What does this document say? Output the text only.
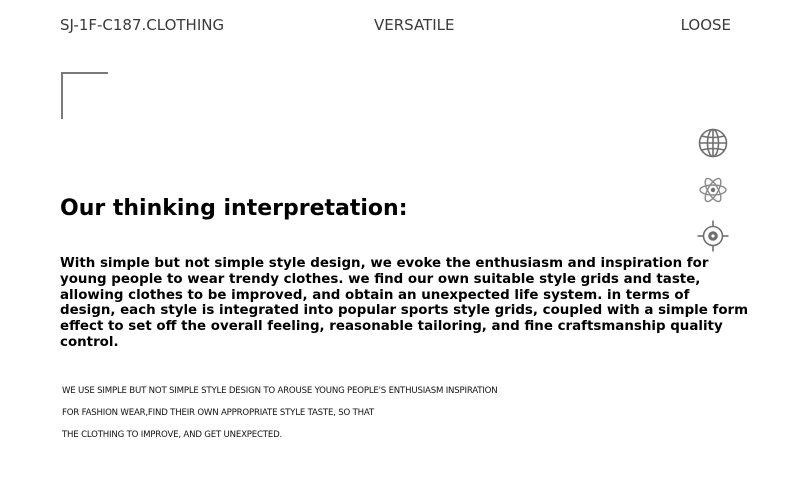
SJ-1F-C187.CLOTHING	VERSATILE	LOOSE
Our thinking interpretation:
With simple but not simple style design, we evoke the enthusiasm and inspiration for
young people to wear trendy clothes. we find our own suitable style grids and taste,
allowing clothes to be improved, and obtain an unexpected life system. in terms of
design, each style is integrated into popular sports style grids, coupled with a simple form
effect to set off the overall feeling, reasonable tailoring, and fine craftsmanship quality
control.
WE USE SIMPLE BUT NOT SIMPLE STYLE DESIGN TO AROUSE YOUNG PEOPLE'S ENTHUSIASM INSPIRATION
FOR FASHION WEAR,FIND THEIR OWN APPROPRIATE STYLE TASTE, SO THAT
THE CLOTHING TO IMPROVE, AND GET UNEXPECTED.
